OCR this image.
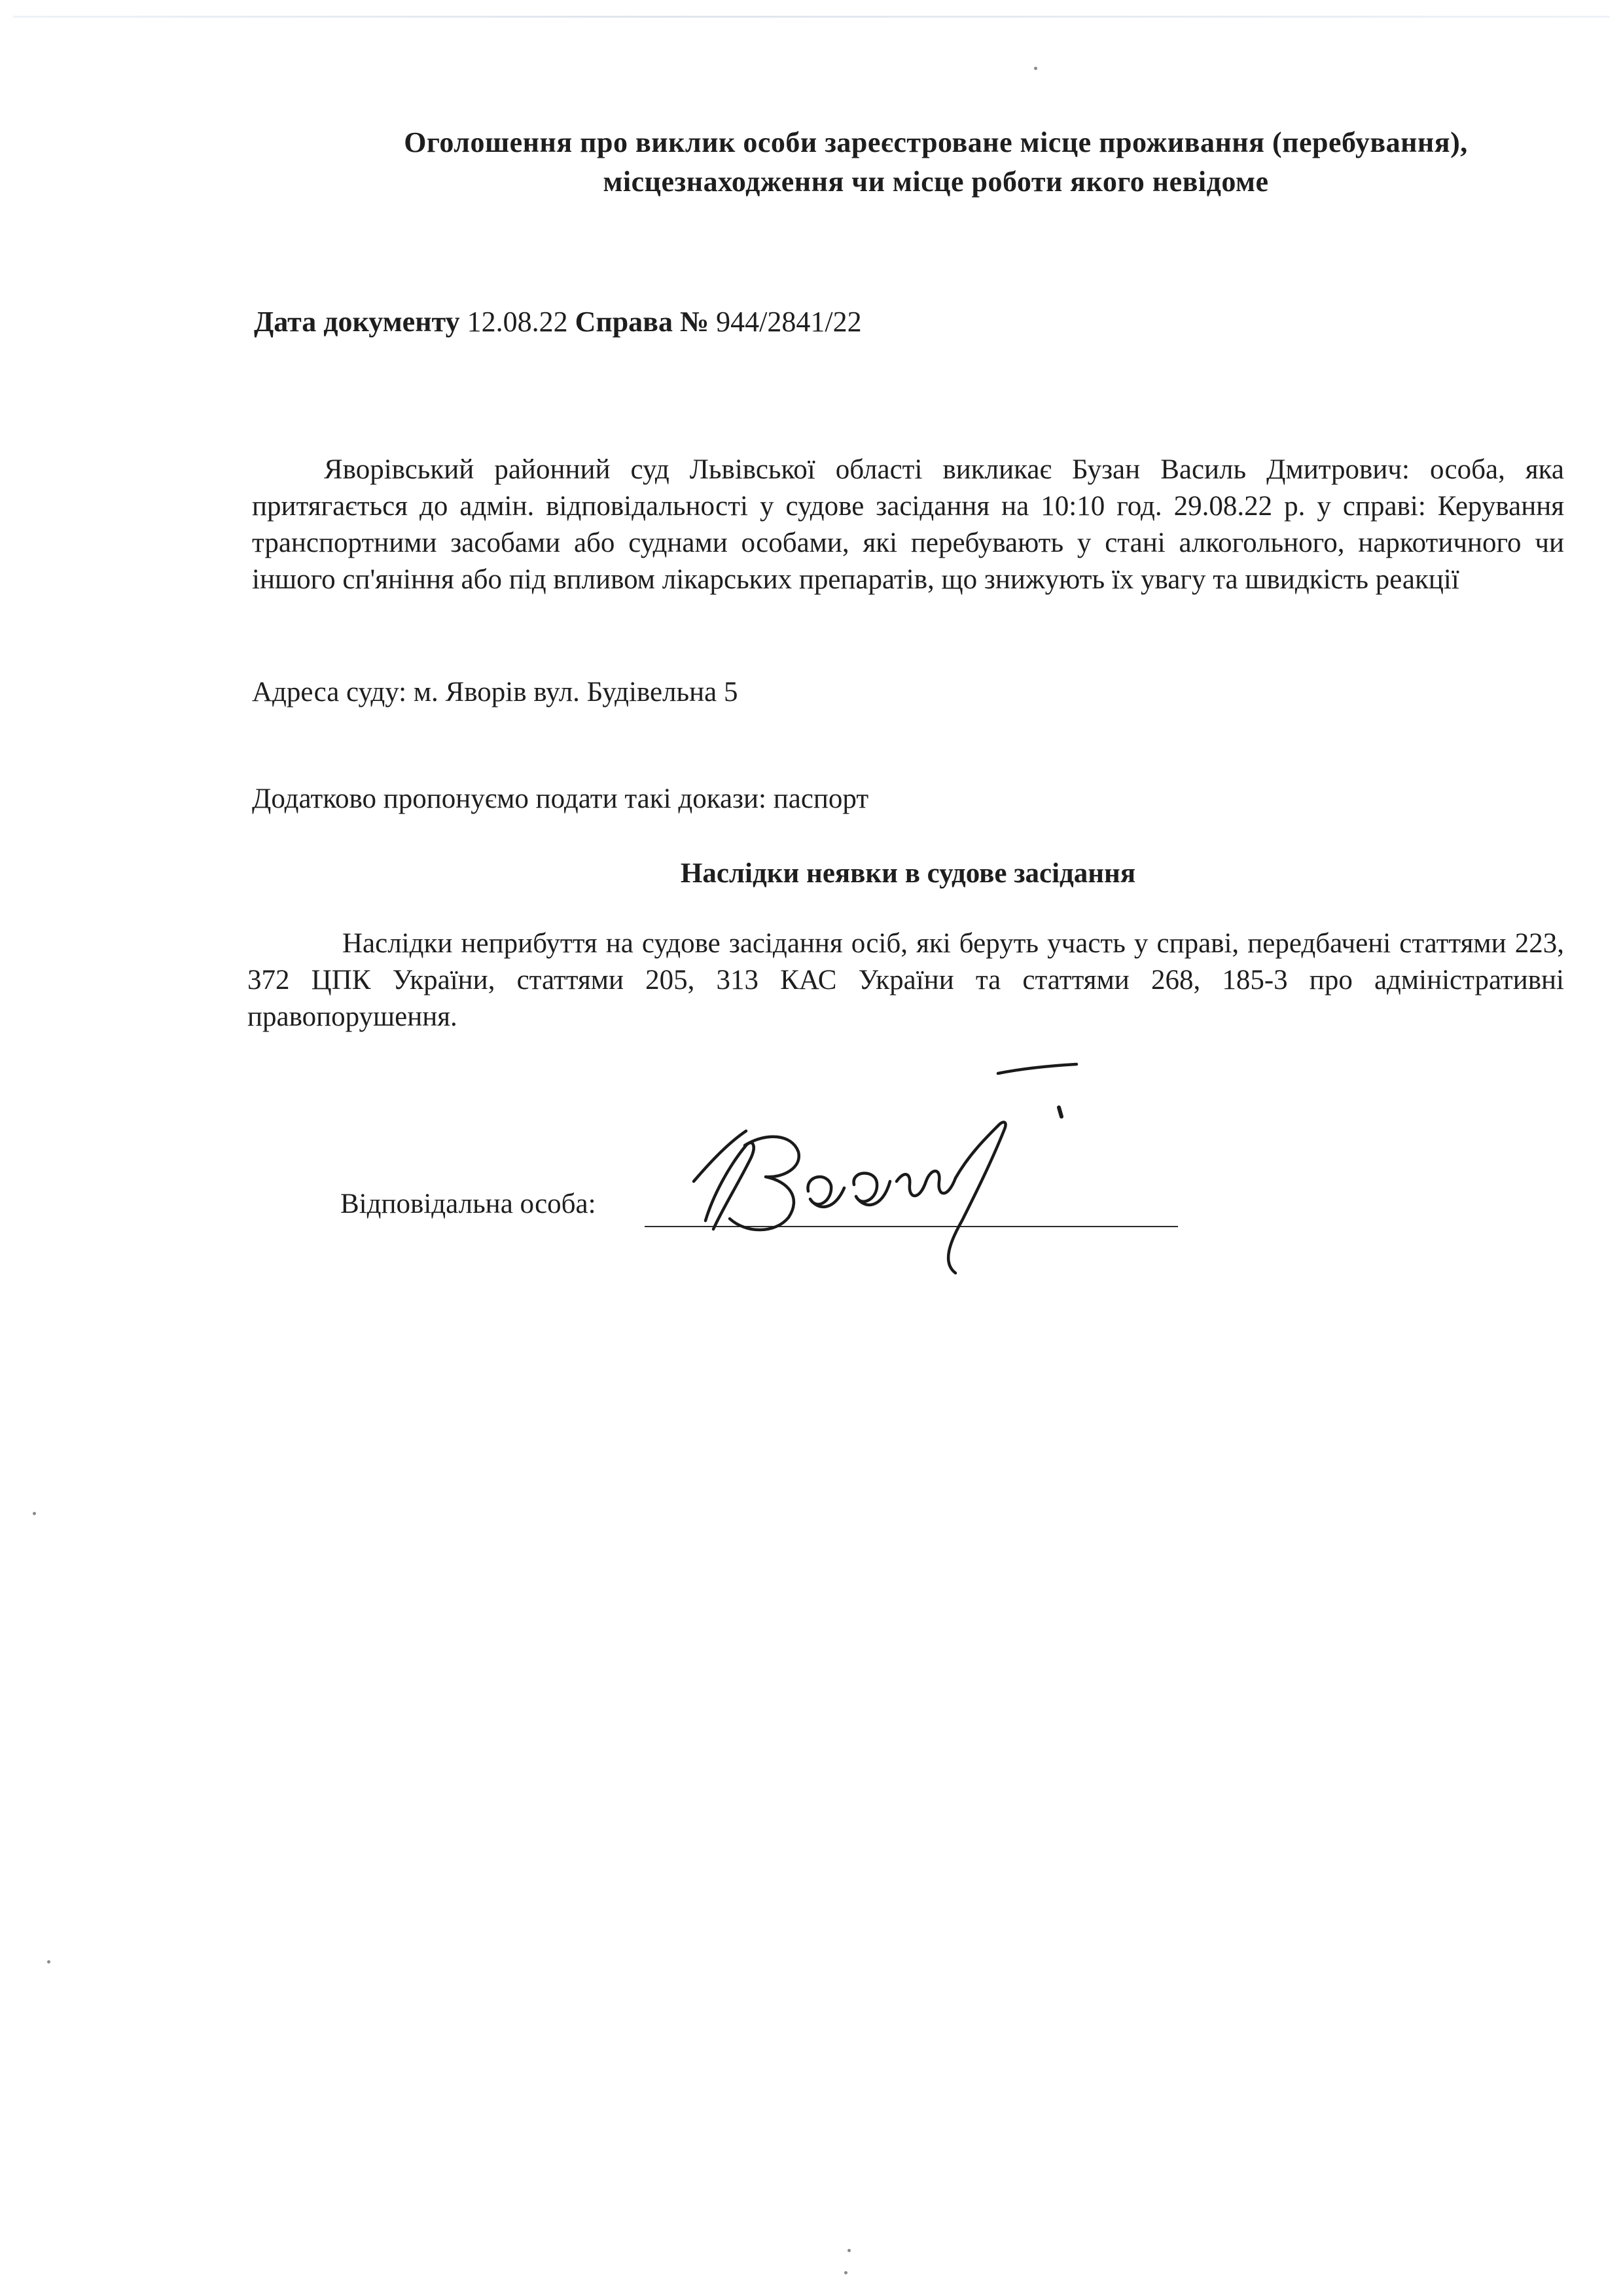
Оголошення про виклик особи зареєстроване місце проживання (перебування),
місцезнаходження чи місце роботи якого невідоме
Дата документу 12.08.22 Справа № 944/2841/22
Яворівський районний суд Львівської області викликає Бузан Василь Дмитрович: особа, яка притягається до адмін. відповідальності у судове засідання на 10:10 год. 29.08.22 р. у справі: Керування транспортними засобами або суднами особами, які перебувають у стані алкогольного, наркотичного чи іншого сп'яніння або під впливом лікарських препаратів, що знижують їх увагу та швидкість реакції
Адреса суду: м. Яворів вул. Будівельна 5
Додатково пропонуємо подати такі докази: паспорт
Наслідки неявки в судове засідання
Наслідки неприбуття на судове засідання осіб, які беруть участь у справі, передбачені статтями 223, 372 ЦПК України, статтями 205, 313 КАС України та статтями 268, 185-3 про адміністративні правопорушення.
Відповідальна особа:
